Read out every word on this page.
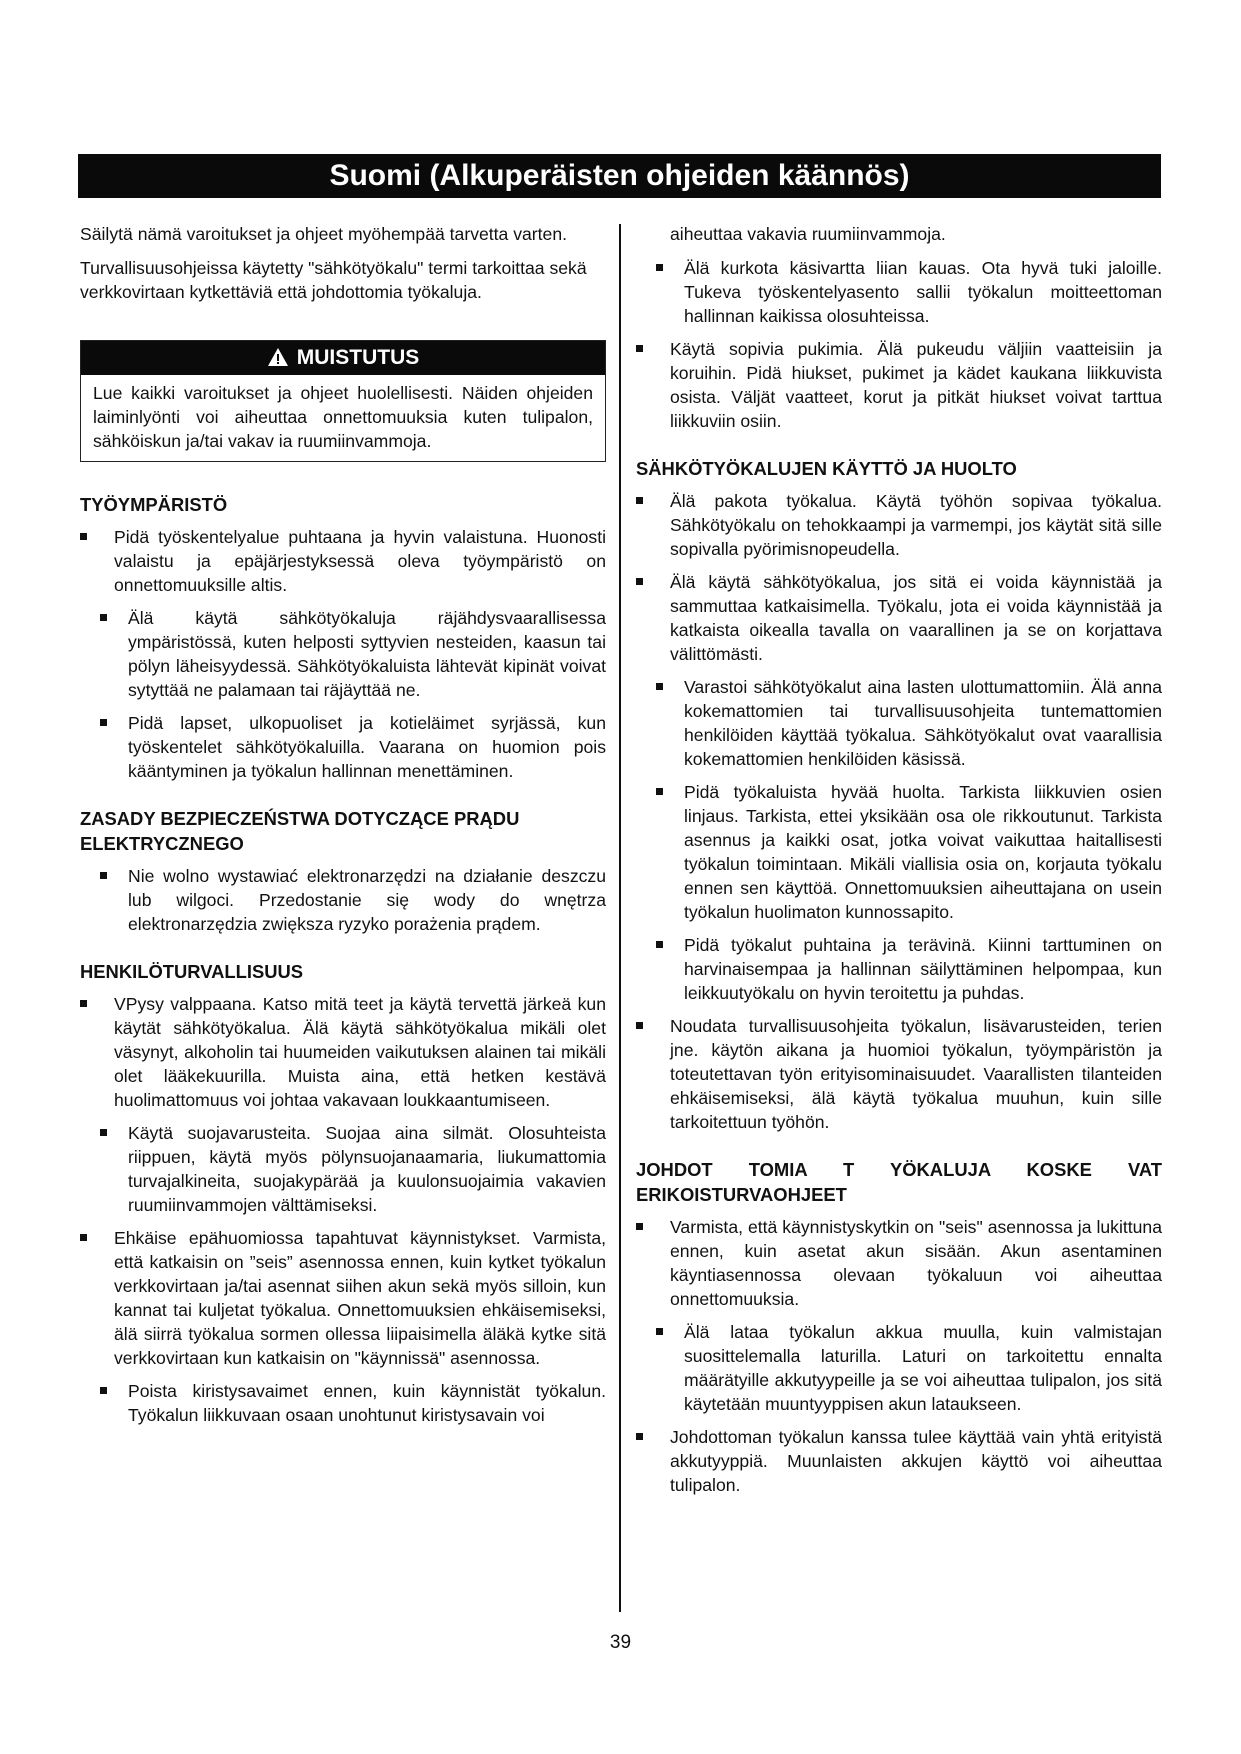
Suomi (Alkuperäisten ohjeiden käännös)

Säilytä nämä varoitukset ja ohjeet myöhempää tarvetta varten.

Turvallisuusohjeissa käytetty "sähkötyökalu" termi tarkoittaa sekä verkkovirtaan kytkettäviä että johdottomia työkaluja.

MUISTUTUS
Lue kaikki varoitukset ja ohjeet huolellisesti. Näiden ohjeiden laiminlyönti voi aiheuttaa onnettomuuksia kuten tulipalon, sähköiskun ja/tai vakav ia ruumiinvammoja.

TYÖYMPÄRISTÖ

Pidä työskentelyalue puhtaana ja hyvin valaistuna. Huonosti valaistu ja epäjärjestyksessä oleva työympäristö on onnettomuuksille altis.
Älä käytä sähkötyökaluja räjähdysvaarallisessa ympäristössä, kuten helposti syttyvien nesteiden, kaasun tai pölyn läheisyydessä. Sähkötyökaluista lähtevät kipinät voivat sytyttää ne palamaan tai räjäyttää ne.
Pidä lapset, ulkopuoliset ja kotieläimet syrjässä, kun työskentelet sähkötyökaluilla. Vaarana on huomion pois kääntyminen ja työkalun hallinnan menettäminen.

ZASADY BEZPIECZEŃSTWA DOTYCZĄCE PRĄDU ELEKTRYCZNEGO

Nie wolno wystawiać elektronarzędzi na działanie deszczu lub wilgoci. Przedostanie się wody do wnętrza elektronarzędzia zwiększa ryzyko porażenia prądem.

HENKILÖTURVALLISUUS

VPysy valppaana. Katso mitä teet ja käytä tervettä järkeä kun käytät sähkötyökalua. Älä käytä sähkötyökalua mikäli olet väsynyt, alkoholin tai huumeiden vaikutuksen alainen tai mikäli olet lääkekuurilla. Muista aina, että hetken kestävä huolimattomuus voi johtaa vakavaan loukkaantumiseen.
Käytä suojavarusteita. Suojaa aina silmät. Olosuhteista riippuen, käytä myös pölynsuojanaamaria, liukumattomia turvajalkineita, suojakypärää ja kuulonsuojaimia vakavien ruumiinvammojen välttämiseksi.
Ehkäise epähuomiossa tapahtuvat käynnistykset. Varmista, että katkaisin on ”seis” asennossa ennen, kuin kytket työkalun verkkovirtaan ja/tai asennat siihen akun sekä myös silloin, kun kannat tai kuljetat työkalua. Onnettomuuksien ehkäisemiseksi, älä siirrä työkalua sormen ollessa liipaisimella äläkä kytke sitä verkkovirtaan kun katkaisin on "käynnissä" asennossa.
Poista kiristysavaimet ennen, kuin käynnistät työkalun. Työkalun liikkuvaan osaan unohtunut kiristysavain voi

aiheuttaa vakavia ruumiinvammoja.

Älä kurkota käsivartta liian kauas. Ota hyvä tuki jaloille. Tukeva työskentelyasento sallii työkalun moitteettoman hallinnan kaikissa olosuhteissa.
Käytä sopivia pukimia. Älä pukeudu väljiin vaatteisiin ja koruihin. Pidä hiukset, pukimet ja kädet kaukana liikkuvista osista. Väljät vaatteet, korut ja pitkät hiukset voivat tarttua liikkuviin osiin.

SÄHKÖTYÖKALUJEN KÄYTTÖ JA HUOLTO

Älä pakota työkalua. Käytä työhön sopivaa työkalua. Sähkötyökalu on tehokkaampi ja varmempi, jos käytät sitä sille sopivalla pyörimisnopeudella.
Älä käytä sähkötyökalua, jos sitä ei voida käynnistää ja sammuttaa katkaisimella. Työkalu, jota ei voida käynnistää ja katkaista oikealla tavalla on vaarallinen ja se on korjattava välittömästi.
Varastoi sähkötyökalut aina lasten ulottumattomiin. Älä anna kokemattomien tai turvallisuusohjeita tuntemattomien henkilöiden käyttää työkalua. Sähkötyökalut ovat vaarallisia kokemattomien henkilöiden käsissä.
Pidä työkaluista hyvää huolta. Tarkista liikkuvien osien linjaus. Tarkista, ettei yksikään osa ole rikkoutunut. Tarkista asennus ja kaikki osat, jotka voivat vaikuttaa haitallisesti työkalun toimintaan. Mikäli viallisia osia on, korjauta työkalu ennen sen käyttöä. Onnettomuuksien aiheuttajana on usein työkalun huolimaton kunnossapito.
Pidä työkalut puhtaina ja terävinä. Kiinni tarttuminen on harvinaisempaa ja hallinnan säilyttäminen helpompaa, kun leikkuutyökalu on hyvin teroitettu ja puhdas.
Noudata turvallisuusohjeita työkalun, lisävarusteiden, terien jne. käytön aikana ja huomioi työkalun, työympäristön ja toteutettavan työn erityisominaisuudet. Vaarallisten tilanteiden ehkäisemiseksi, älä käytä työkalua muuhun, kuin sille tarkoitettuun työhön.

JOHDOT TOMIA T YÖKALUJA KOSKE VAT ERIKOISTURVAOHJEET

Varmista, että käynnistyskytkin on "seis" asennossa ja lukittuna ennen, kuin asetat akun sisään. Akun asentaminen käyntiasennossa olevaan työkaluun voi aiheuttaa onnettomuuksia.
Älä lataa työkalun akkua muulla, kuin valmistajan suosittelemalla laturilla. Laturi on tarkoitettu ennalta määrätyille akkutyypeille ja se voi aiheuttaa tulipalon, jos sitä käytetään muuntyyppisen akun lataukseen.
Johdottoman työkalun kanssa tulee käyttää vain yhtä erityistä akkutyyppiä. Muunlaisten akkujen käyttö voi aiheuttaa tulipalon.
39
